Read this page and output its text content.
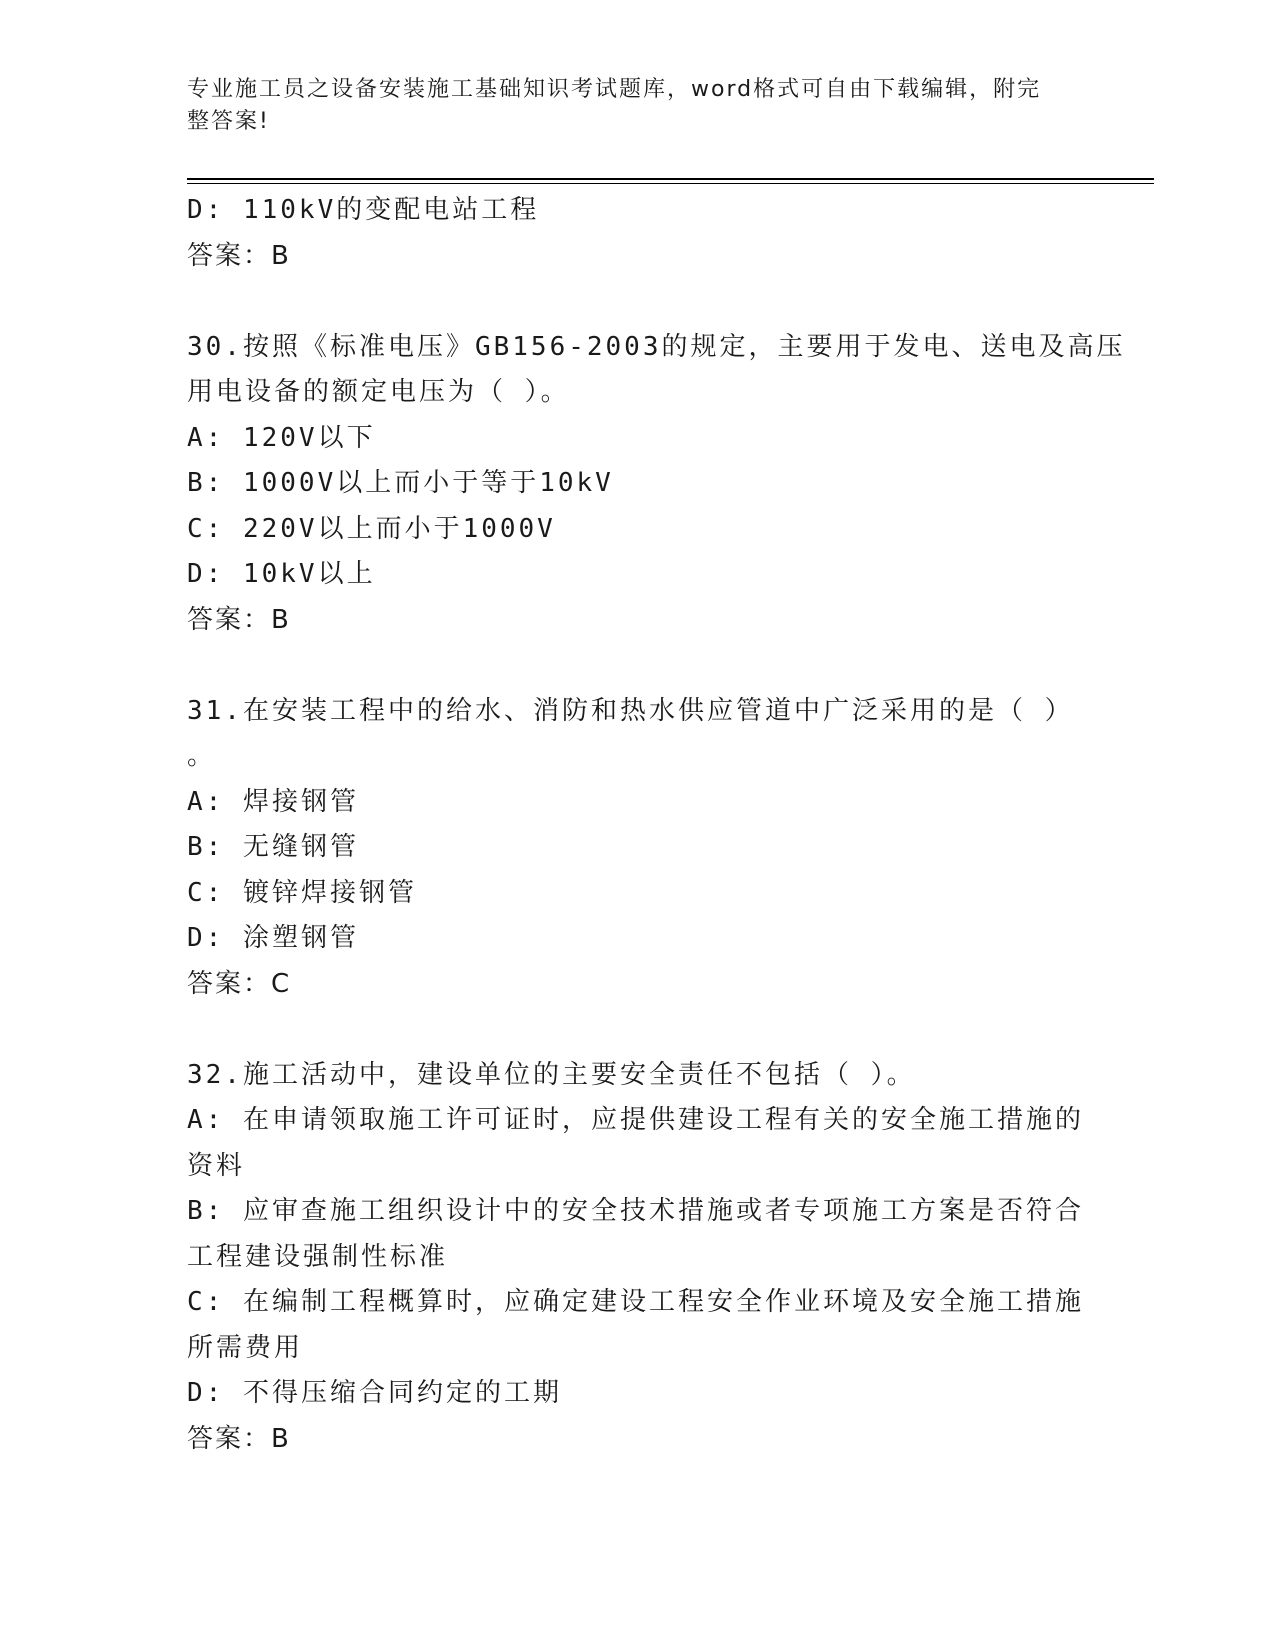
专业施工员之设备安装施工基础知识考试题库，word格式可自由下载编辑，附完
整答案!
D: 110kV的变配电站工程
答案：B
30.按照《标准电压》GB156-2003的规定，主要用于发电、送电及高压
用电设备的额定电压为（ ）。
A: 120V以下
B: 1000V以上而小于等于10kV
C: 220V以上而小于1000V
D: 10kV以上
答案：B
31.在安装工程中的给水、消防和热水供应管道中广泛采用的是（ ）
。
A: 焊接钢管
B: 无缝钢管
C: 镀锌焊接钢管
D: 涂塑钢管
答案：C
32.施工活动中，建设单位的主要安全责任不包括（ ）。
A: 在申请领取施工许可证时，应提供建设工程有关的安全施工措施的
资料
B: 应审查施工组织设计中的安全技术措施或者专项施工方案是否符合
工程建设强制性标准
C: 在编制工程概算时，应确定建设工程安全作业环境及安全施工措施
所需费用
D: 不得压缩合同约定的工期
答案：B
